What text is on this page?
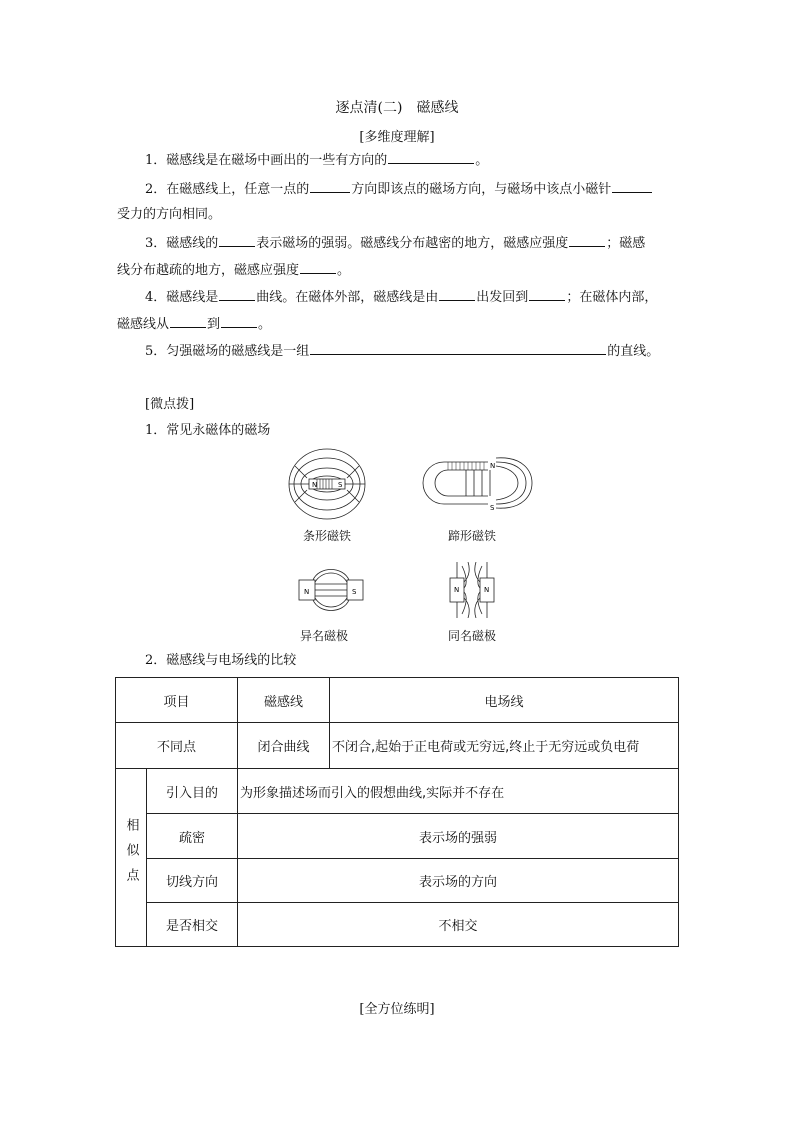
逐点清(二)　磁感线
[多维度理解]
1．磁感线是在磁场中画出的一些有方向的	。
2．在磁感线上，任意一点的	方向即该点的磁场方向，与磁场中该点小磁针
受力的方向相同。
3．磁感线的	表示磁场的强弱。磁感线分布越密的地方，磁感应强度	；磁感
线分布越疏的地方，磁感应强度	。
4．磁感线是	曲线。在磁体外部，磁感线是由	出发回到	；在磁体内部，
磁感线从	到	。
5．匀强磁场的磁感线是一组	的直线。
[微点拨]
1．常见永磁体的磁场
N	S
条形磁铁
N
S
蹄形磁铁
N	S
异名磁极
N	N
同名磁极
2．磁感线与电场线的比较
项目		磁感线	电场线
不同点		闭合曲线	不闭合,起始于正电荷或无穷远,终止于无穷远或负电荷
相似点	引入目的	为形象描述场而引入的假想曲线,实际并不存在	
	疏密	表示场的强弱	
	切线方向	表示场的方向	
	是否相交	不相交	
[全方位练明]
